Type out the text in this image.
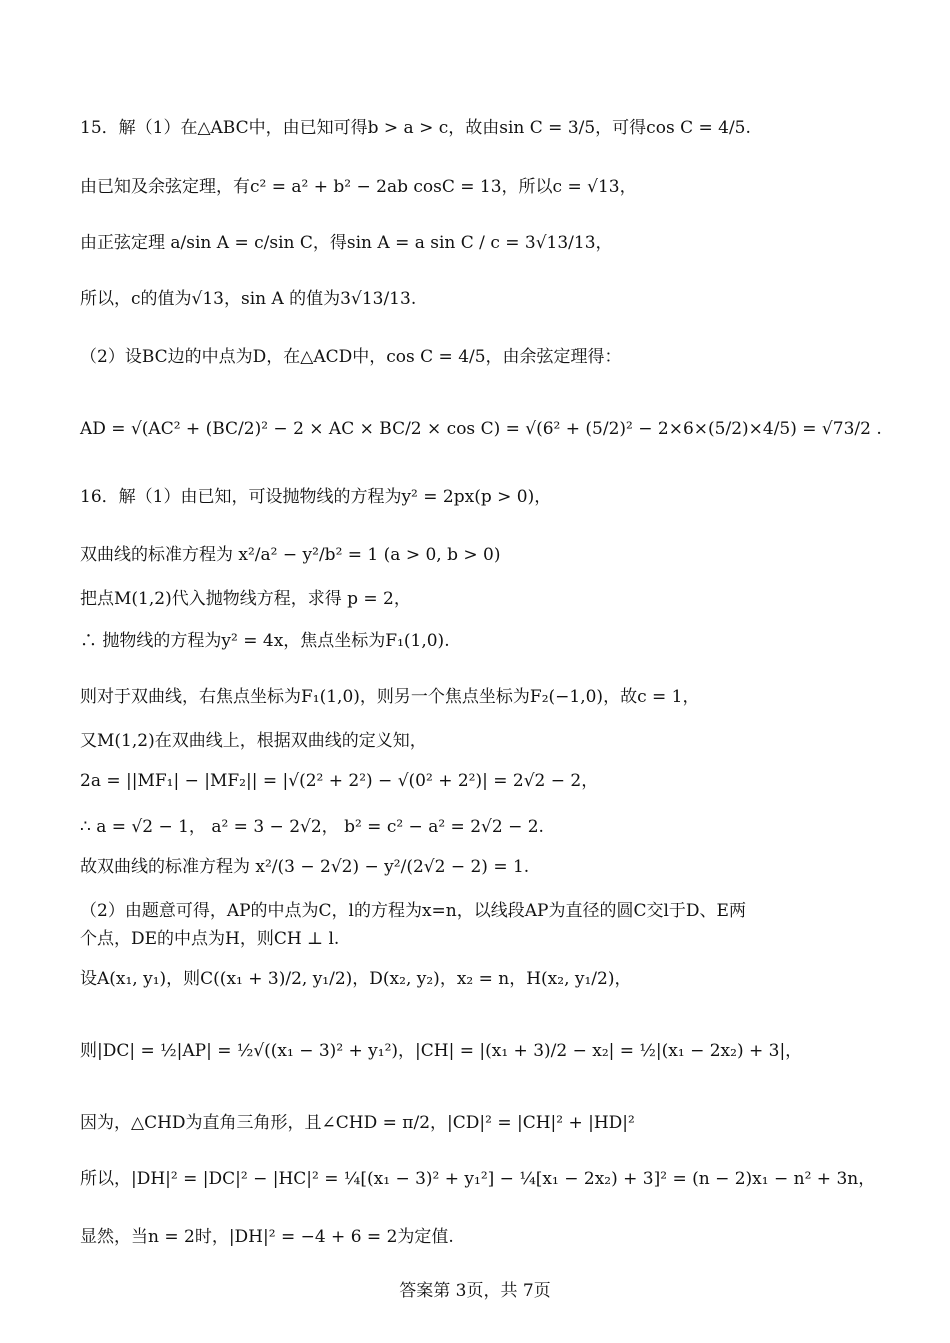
15．解（1）在△ABC中，由已知可得b > a > c，故由sin C = 3/5，可得cos C = 4/5.
由已知及余弦定理，有c² = a² + b² − 2ab cosC = 13，所以c = √13，
由正弦定理 a/sin A = c/sin C，得sin A = a sin C / c = 3√13/13，
所以，c的值为√13，sin A 的值为3√13/13.
（2）设BC边的中点为D，在△ACD中，cos C = 4/5，由余弦定理得：
AD = √(AC² + (BC/2)² − 2 × AC × BC/2 × cos C) = √(6² + (5/2)² − 2×6×(5/2)×4/5) = √73/2 .
16．解（1）由已知，可设抛物线的方程为y² = 2px(p > 0)，
双曲线的标准方程为 x²/a² − y²/b² = 1 (a > 0, b > 0)
把点M(1,2)代入抛物线方程，求得 p = 2，
∴ 抛物线的方程为y² = 4x，焦点坐标为F₁(1,0).
则对于双曲线，右焦点坐标为F₁(1,0)，则另一个焦点坐标为F₂(−1,0)，故c = 1，
又M(1,2)在双曲线上，根据双曲线的定义知，
2a = ||MF₁| − |MF₂|| = |√(2² + 2²) − √(0² + 2²)| = 2√2 − 2，
∴ a = √2 − 1， a² = 3 − 2√2， b² = c² − a² = 2√2 − 2.
故双曲线的标准方程为 x²/(3 − 2√2) − y²/(2√2 − 2) = 1.
（2）由题意可得，AP的中点为C，l的方程为x=n，以线段AP为直径的圆C交l于D、E两
个点，DE的中点为H，则CH ⊥ l.
设A(x₁, y₁)，则C((x₁ + 3)/2, y₁/2)，D(x₂, y₂)，x₂ = n，H(x₂, y₁/2)，
则|DC| = ½|AP| = ½√((x₁ − 3)² + y₁²)，|CH| = |(x₁ + 3)/2 − x₂| = ½|(x₁ − 2x₂) + 3|，
因为，△CHD为直角三角形，且∠CHD = π/2，|CD|² = |CH|² + |HD|²
所以，|DH|² = |DC|² − |HC|² = ¼[(x₁ − 3)² + y₁²] − ¼[x₁ − 2x₂) + 3]² = (n − 2)x₁ − n² + 3n，
显然，当n = 2时，|DH|² = −4 + 6 = 2为定值.
答案第 3页，共 7页
